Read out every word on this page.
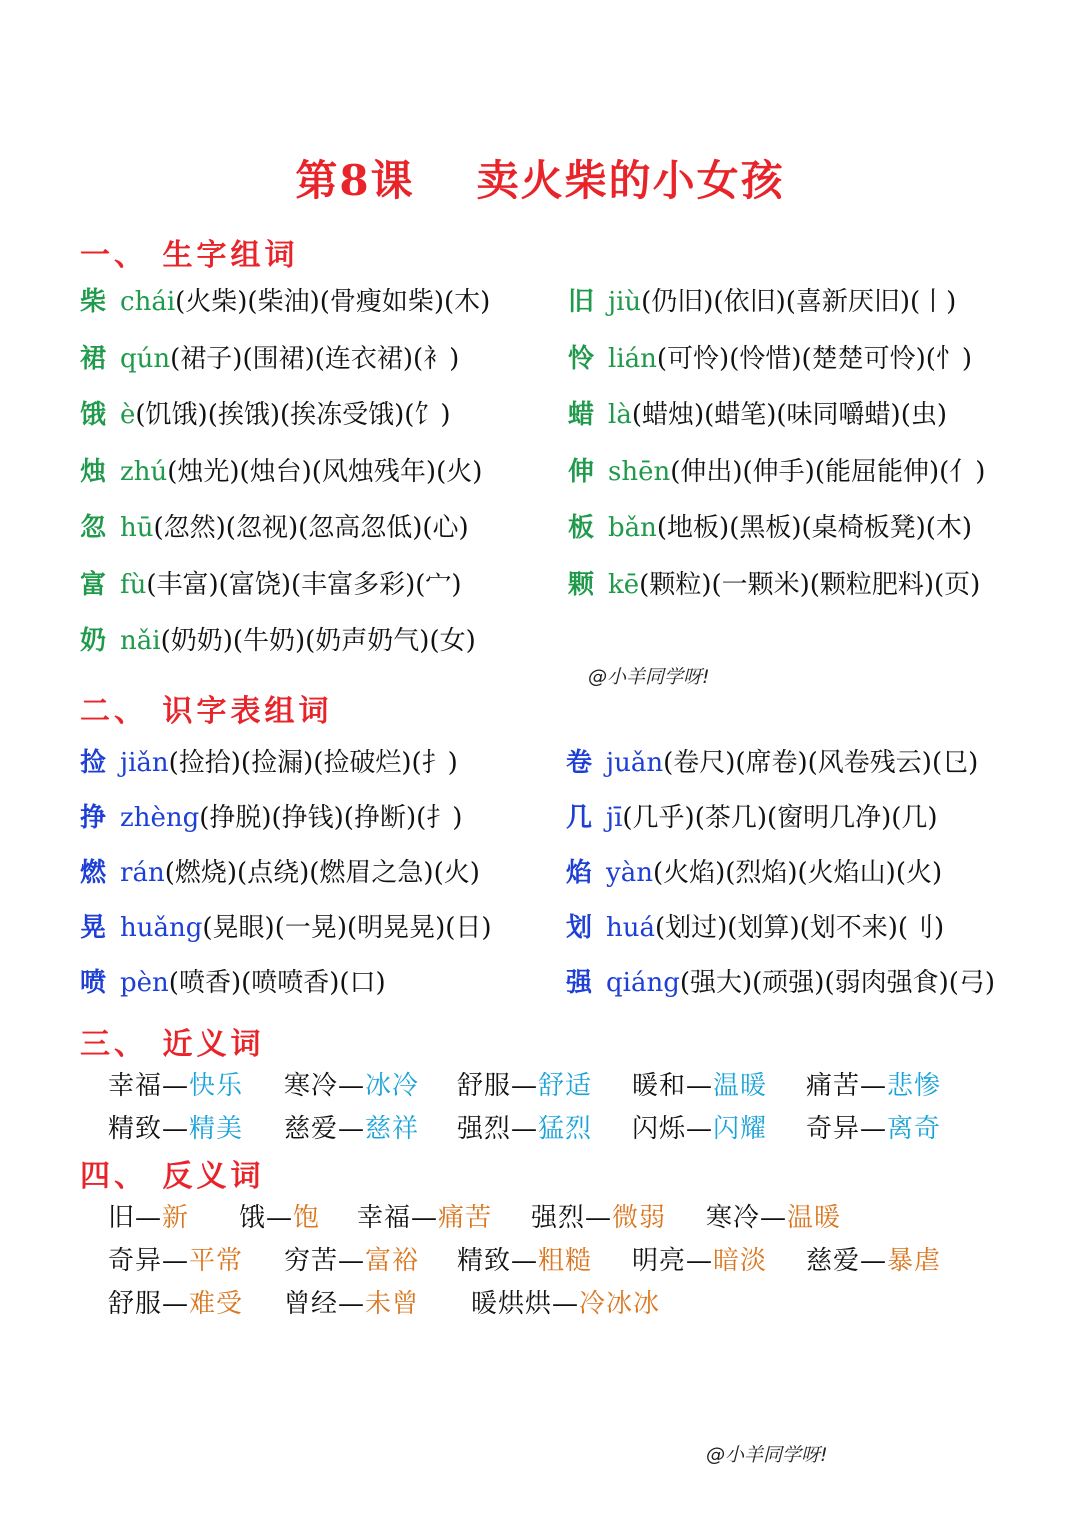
第8课 卖火柴的小女孩
一、 生字组词
柴 chái(火柴)(柴油)(骨瘦如柴)(木)
裙 qún(裙子)(围裙)(连衣裙)(衤)
饿 è(饥饿)(挨饿)(挨冻受饿)(饣)
烛 zhú(烛光)(烛台)(风烛残年)(火)
忽 hū(忽然)(忽视)(忽高忽低)(心)
富 fù(丰富)(富饶)(丰富多彩)(宀)
奶 nǎi(奶奶)(牛奶)(奶声奶气)(女)
旧 jiù(仍旧)(依旧)(喜新厌旧)(丨)
怜 lián(可怜)(怜惜)(楚楚可怜)(忄)
蜡 là(蜡烛)(蜡笔)(味同嚼蜡)(虫)
伸 shēn(伸出)(伸手)(能屈能伸)(亻)
板 bǎn(地板)(黑板)(桌椅板凳)(木)
颗 kē(颗粒)(一颗米)(颗粒肥料)(页)
@小羊同学呀!
二、 识字表组词
捡 jiǎn(捡拾)(捡漏)(捡破烂)(扌)
挣 zhèng(挣脱)(挣钱)(挣断)(扌)
燃 rán(燃烧)(点绕)(燃眉之急)(火)
晃 huǎng(晃眼)(一晃)(明晃晃)(日)
喷 pèn(喷香)(喷喷香)(口)
卷 juǎn(卷尺)(席卷)(风卷残云)(㔾)
几 jī(几乎)(茶几)(窗明几净)(几)
焰 yàn(火焰)(烈焰)(火焰山)(火)
划 huá(划过)(划算)(划不来)(刂)
强 qiáng(强大)(顽强)(弱肉强食)(弓)
三、 近义词
幸福—快乐 寒冷—冰冷 舒服—舒适 暖和—温暖 痛苦—悲惨
精致—精美 慈爱—慈祥 强烈—猛烈 闪烁—闪耀 奇异—离奇
四、 反义词
旧—新 饿—饱 幸福—痛苦 强烈—微弱 寒冷—温暖
奇异—平常 穷苦—富裕 精致—粗糙 明亮—暗淡 慈爱—暴虐
舒服—难受 曾经—未曾 暖烘烘—冷冰冰
@小羊同学呀!
